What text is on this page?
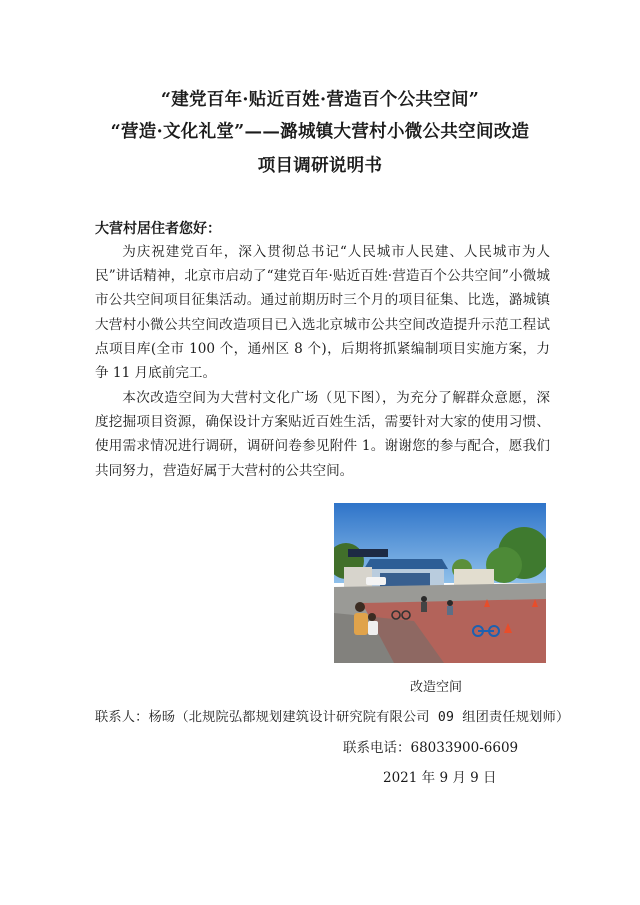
“建党百年·贴近百姓·营造百个公共空间”
“营造·文化礼堂”——潞城镇大营村小微公共空间改造
项目调研说明书
大营村居住者您好：

为庆祝建党百年，深入贯彻总书记“人民城市人民建、人民城市为人民”讲话精神，北京市启动了“建党百年·贴近百姓·营造百个公共空间”小微城市公共空间项目征集活动。通过前期历时三个月的项目征集、比选，潞城镇大营村小微公共空间改造项目已入选北京城市公共空间改造提升示范工程试点项目库(全市 100 个，通州区 8 个)，后期将抓紧编制项目实施方案，力争 11 月底前完工。

本次改造空间为大营村文化广场（见下图），为充分了解群众意愿，深度挖掘项目资源，确保设计方案贴近百姓生活，需要针对大家的使用习惯、使用需求情况进行调研，调研问卷参见附件 1。谢谢您的参与配合，愿我们共同努力，营造好属于大营村的公共空间。

改造空间
联系人：杨旸（北规院弘都规划建筑设计研究院有限公司 09 组团责任规划师）
联系电话：68033900-6609
2021 年 9 月 9 日
